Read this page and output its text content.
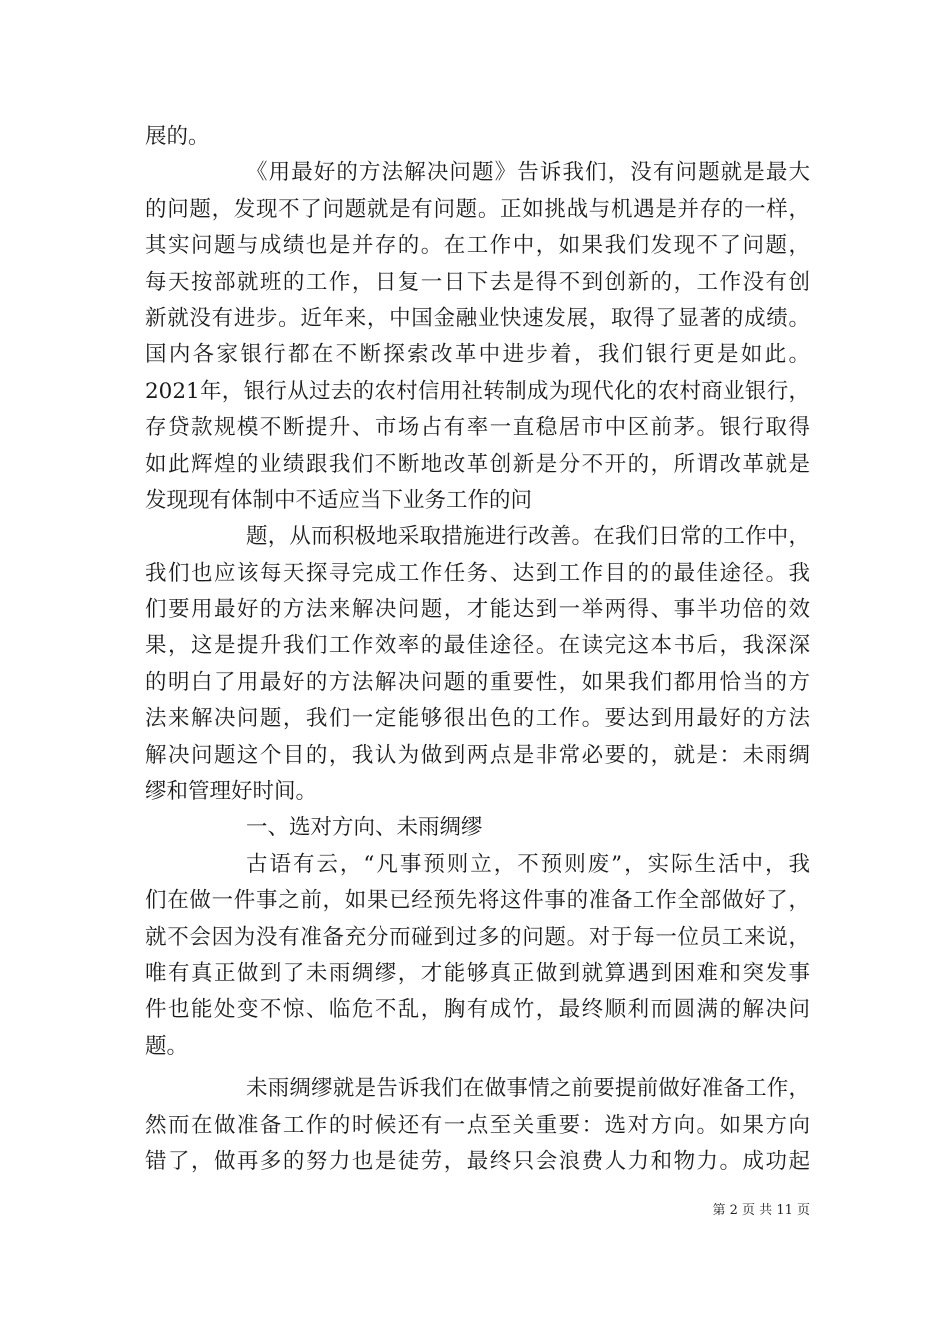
展的。
《用最好的方法解决问题》告诉我们，没有问题就是最大
的问题，发现不了问题就是有问题。正如挑战与机遇是并存的一样，
其实问题与成绩也是并存的。在工作中，如果我们发现不了问题，
每天按部就班的工作，日复一日下去是得不到创新的，工作没有创
新就没有进步。近年来，中国金融业快速发展，取得了显著的成绩。
国内各家银行都在不断探索改革中进步着，我们银行更是如此。
2021年，银行从过去的农村信用社转制成为现代化的农村商业银行，
存贷款规模不断提升、市场占有率一直稳居市中区前茅。银行取得
如此辉煌的业绩跟我们不断地改革创新是分不开的，所谓改革就是
发现现有体制中不适应当下业务工作的问
题，从而积极地采取措施进行改善。在我们日常的工作中，
我们也应该每天探寻完成工作任务、达到工作目的的最佳途径。我
们要用最好的方法来解决问题，才能达到一举两得、事半功倍的效
果，这是提升我们工作效率的最佳途径。在读完这本书后，我深深
的明白了用最好的方法解决问题的重要性，如果我们都用恰当的方
法来解决问题，我们一定能够很出色的工作。要达到用最好的方法
解决问题这个目的，我认为做到两点是非常必要的，就是：未雨绸
缪和管理好时间。
一、选对方向、未雨绸缪
古语有云，“凡事预则立，不预则废”，实际生活中，我
们在做一件事之前，如果已经预先将这件事的准备工作全部做好了，
就不会因为没有准备充分而碰到过多的问题。对于每一位员工来说，
唯有真正做到了未雨绸缪，才能够真正做到就算遇到困难和突发事
件也能处变不惊、临危不乱，胸有成竹，最终顺利而圆满的解决问
题。
未雨绸缪就是告诉我们在做事情之前要提前做好准备工作，
然而在做准备工作的时候还有一点至关重要：选对方向。如果方向
错了，做再多的努力也是徒劳，最终只会浪费人力和物力。成功起
第 2 页 共 11 页
